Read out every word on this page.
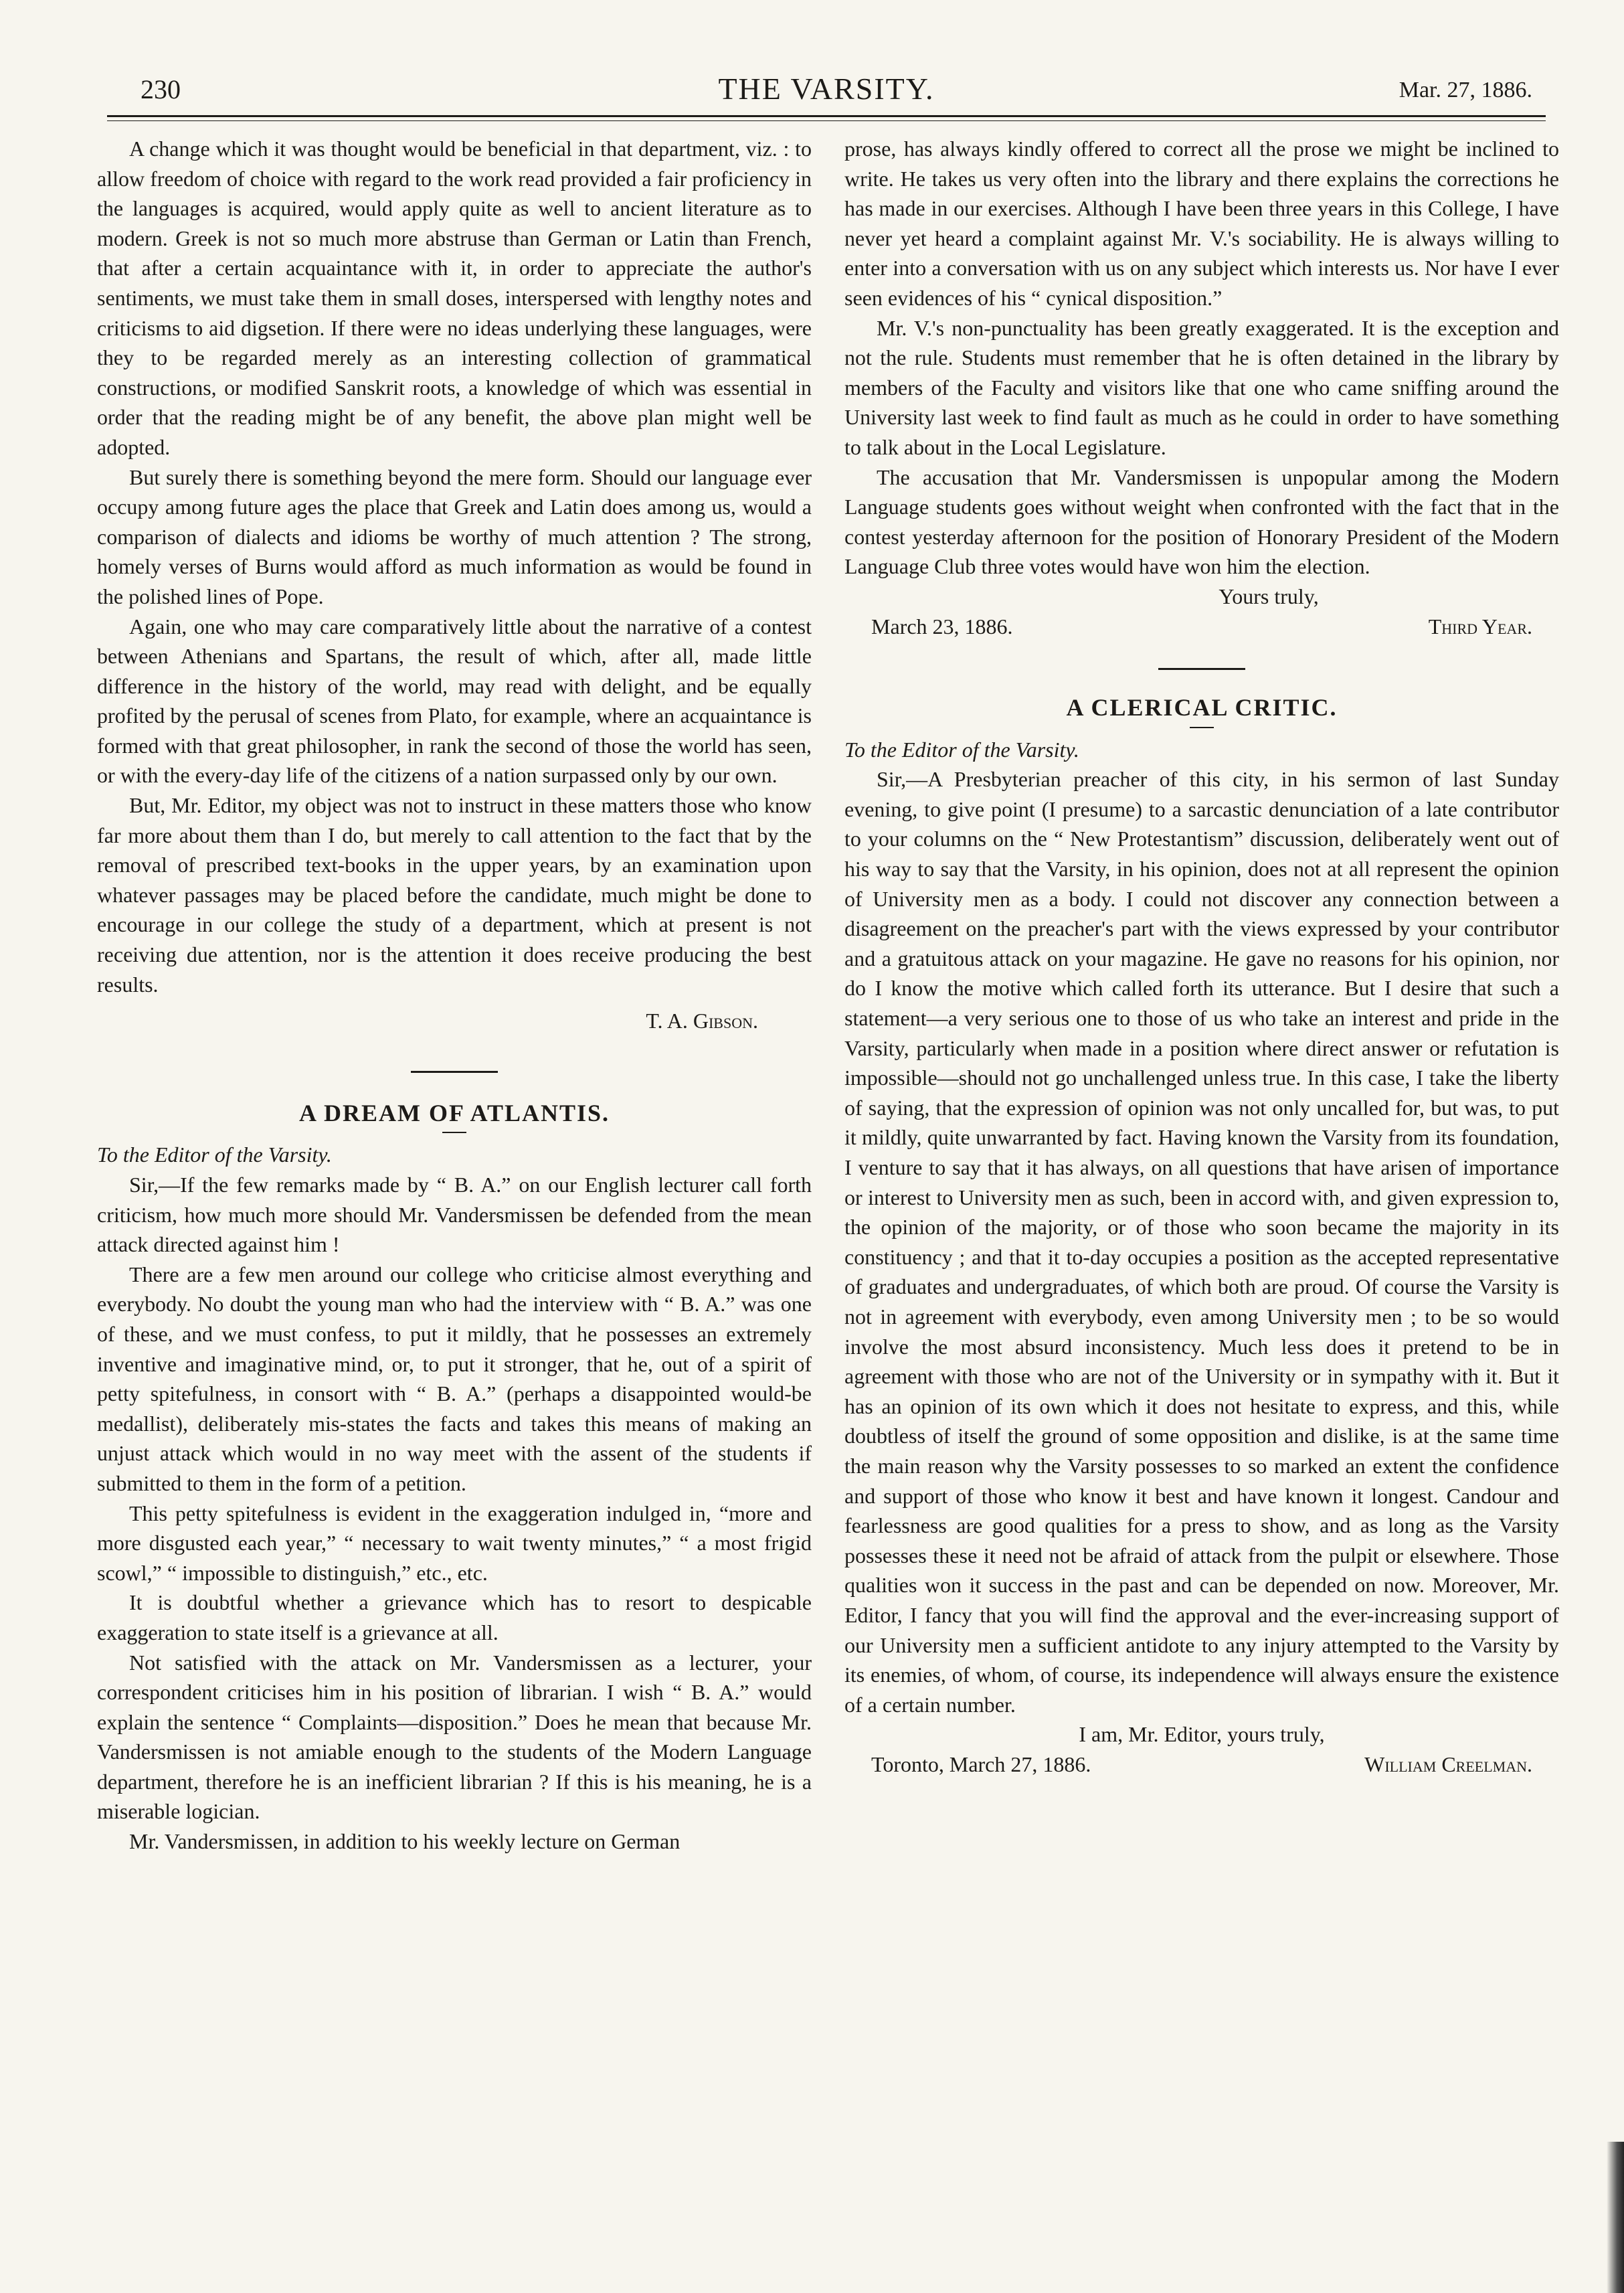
230	THE VARSITY.	Mar. 27, 1886.

A change which it was thought would be beneficial in that department, viz. : to allow freedom of choice with regard to the work read provided a fair proficiency in the languages is acquired, would apply quite as well to ancient literature as to modern. Greek is not so much more abstruse than German or Latin than French, that after a certain acquaintance with it, in order to appreciate the author's sentiments, we must take them in small doses, interspersed with lengthy notes and criticisms to aid digsetion. If there were no ideas underlying these languages, were they to be regarded merely as an interesting collection of grammatical constructions, or modified Sanskrit roots, a knowledge of which was essential in order that the reading might be of any benefit, the above plan might well be adopted.

But surely there is something beyond the mere form. Should our language ever occupy among future ages the place that Greek and Latin does among us, would a comparison of dialects and idioms be worthy of much attention ? The strong, homely verses of Burns would afford as much information as would be found in the polished lines of Pope.

Again, one who may care comparatively little about the narrative of a contest between Athenians and Spartans, the result of which, after all, made little difference in the history of the world, may read with delight, and be equally profited by the perusal of scenes from Plato, for example, where an acquaintance is formed with that great philosopher, in rank the second of those the world has seen, or with the every-day life of the citizens of a nation surpassed only by our own.

But, Mr. Editor, my object was not to instruct in these matters those who know far more about them than I do, but merely to call attention to the fact that by the removal of prescribed text-books in the upper years, by an examination upon whatever passages may be placed before the candidate, much might be done to encourage in our college the study of a department, which at present is not receiving due attention, nor is the attention it does receive producing the best results.

T. A. Gibson.
A DREAM OF ATLANTIS.

To the Editor of the Varsity.

Sir,—If the few remarks made by “ B. A.” on our English lecturer call forth criticism, how much more should Mr. Vandersmissen be defended from the mean attack directed against him !

There are a few men around our college who criticise almost everything and everybody. No doubt the young man who had the interview with “ B. A.” was one of these, and we must confess, to put it mildly, that he possesses an extremely inventive and imaginative mind, or, to put it stronger, that he, out of a spirit of petty spitefulness, in consort with “ B. A.” (perhaps a disappointed would-be medallist), deliberately mis-states the facts and takes this means of making an unjust attack which would in no way meet with the assent of the students if submitted to them in the form of a petition.

This petty spitefulness is evident in the exaggeration indulged in, “more and more disgusted each year,” “ necessary to wait twenty minutes,” “ a most frigid scowl,” “ impossible to distinguish,” etc., etc.

It is doubtful whether a grievance which has to resort to despicable exaggeration to state itself is a grievance at all.

Not satisfied with the attack on Mr. Vandersmissen as a lecturer, your correspondent criticises him in his position of librarian. I wish “ B. A.” would explain the sentence “ Complaints—disposition.” Does he mean that because Mr. Vandersmissen is not amiable enough to the students of the Modern Language department, therefore he is an inefficient librarian ? If this is his meaning, he is a miserable logician.

Mr. Vandersmissen, in addition to his weekly lecture on German

prose, has always kindly offered to correct all the prose we might be inclined to write. He takes us very often into the library and there explains the corrections he has made in our exercises. Although I have been three years in this College, I have never yet heard a complaint against Mr. V.'s sociability. He is always willing to enter into a conversation with us on any subject which interests us. Nor have I ever seen evidences of his “ cynical disposition.”

Mr. V.'s non-punctuality has been greatly exaggerated. It is the exception and not the rule. Students must remember that he is often detained in the library by members of the Faculty and visitors like that one who came sniffing around the University last week to find fault as much as he could in order to have something to talk about in the Local Legislature.

The accusation that Mr. Vandersmissen is unpopular among the Modern Language students goes without weight when confronted with the fact that in the contest yesterday afternoon for the position of Honorary President of the Modern Language Club three votes would have won him the election.

Yours truly,
March 23, 1886.	Third Year.
A CLERICAL CRITIC.

To the Editor of the Varsity.

Sir,—A Presbyterian preacher of this city, in his sermon of last Sunday evening, to give point (I presume) to a sarcastic denunciation of a late contributor to your columns on the “ New Protestantism” discussion, deliberately went out of his way to say that the Varsity, in his opinion, does not at all represent the opinion of University men as a body. I could not discover any connection between a disagreement on the preacher's part with the views expressed by your contributor and a gratuitous attack on your magazine. He gave no reasons for his opinion, nor do I know the motive which called forth its utterance. But I desire that such a statement—a very serious one to those of us who take an interest and pride in the Varsity, particularly when made in a position where direct answer or refutation is impossible—should not go unchallenged unless true. In this case, I take the liberty of saying, that the expression of opinion was not only uncalled for, but was, to put it mildly, quite unwarranted by fact. Having known the Varsity from its foundation, I venture to say that it has always, on all questions that have arisen of importance or interest to University men as such, been in accord with, and given expression to, the opinion of the majority, or of those who soon became the majority in its constituency ; and that it to-day occupies a position as the accepted representative of graduates and undergraduates, of which both are proud. Of course the Varsity is not in agreement with everybody, even among University men ; to be so would involve the most absurd inconsistency. Much less does it pretend to be in agreement with those who are not of the University or in sympathy with it. But it has an opinion of its own which it does not hesitate to express, and this, while doubtless of itself the ground of some opposition and dislike, is at the same time the main reason why the Varsity possesses to so marked an extent the confidence and support of those who know it best and have known it longest. Candour and fearlessness are good qualities for a press to show, and as long as the Varsity possesses these it need not be afraid of attack from the pulpit or elsewhere. Those qualities won it success in the past and can be depended on now. Moreover, Mr. Editor, I fancy that you will find the approval and the ever-increasing support of our University men a sufficient antidote to any injury attempted to the Varsity by its enemies, of whom, of course, its independence will always ensure the existence of a certain number.

I am, Mr. Editor, yours truly,
Toronto, March 27, 1886.	William Creelman.
